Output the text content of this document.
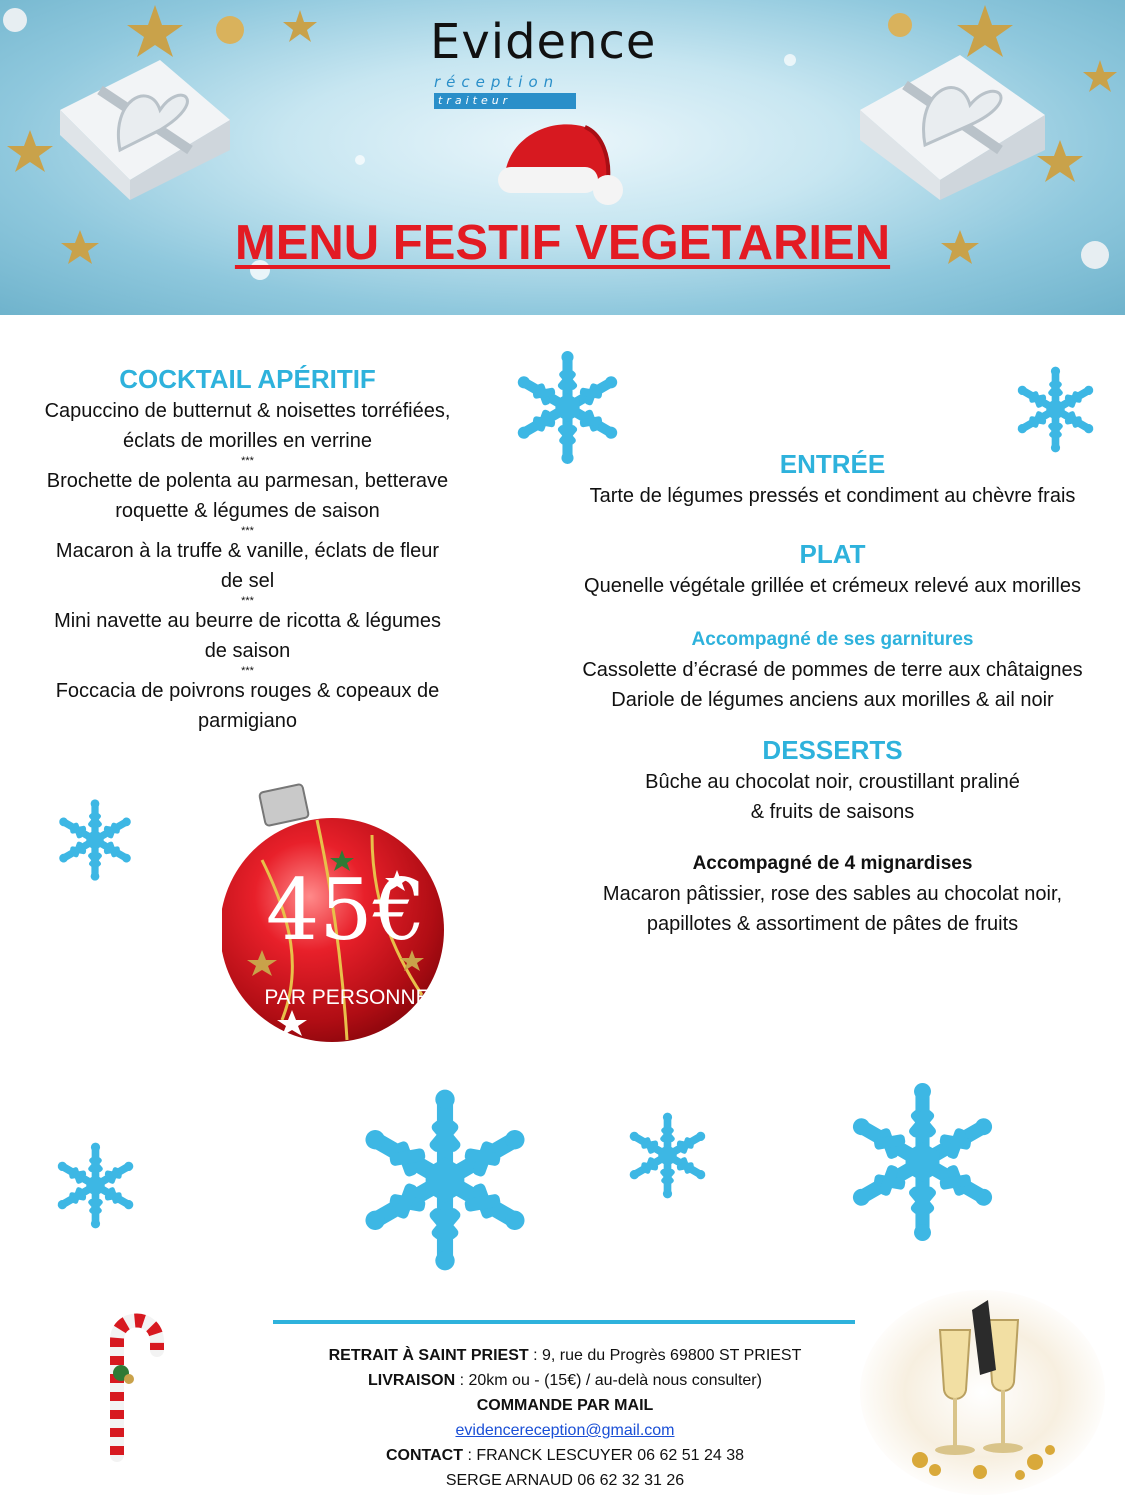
Evidence
réception
traiteur
MENU FESTIF VEGETARIEN
COCKTAIL APÉRITIF
Capuccino de butternut & noisettes torréfiées,
éclats de morilles en verrine
***
Brochette de polenta au parmesan, betterave
roquette & légumes de saison
***
Macaron à la truffe & vanille, éclats de fleur
de sel
***
Mini navette au beurre de ricotta & légumes
de saison
***
Foccacia de poivrons rouges & copeaux de
parmigiano
ENTRÉE
Tarte de légumes pressés et condiment au chèvre frais
PLAT
Quenelle végétale grillée et crémeux relevé aux morilles
Accompagné de ses garnitures
Cassolette d’écrasé de pommes de terre aux châtaignes
Dariole de légumes anciens aux morilles & ail noir
DESSERTS
Bûche au chocolat noir, croustillant praliné
& fruits de saisons
Accompagné de 4 mignardises
Macaron pâtissier, rose des sables au chocolat noir,
papillotes & assortiment de pâtes de fruits
45€
PAR PERSONNE
RETRAIT À SAINT PRIEST : 9, rue du Progrès 69800 ST PRIEST
LIVRAISON : 20km ou - (15€) / au-delà nous consulter)
COMMANDE PAR MAIL
evidencereception@gmail.com
CONTACT : FRANCK LESCUYER 06 62 51 24 38
SERGE ARNAUD 06 62 32 31 26
